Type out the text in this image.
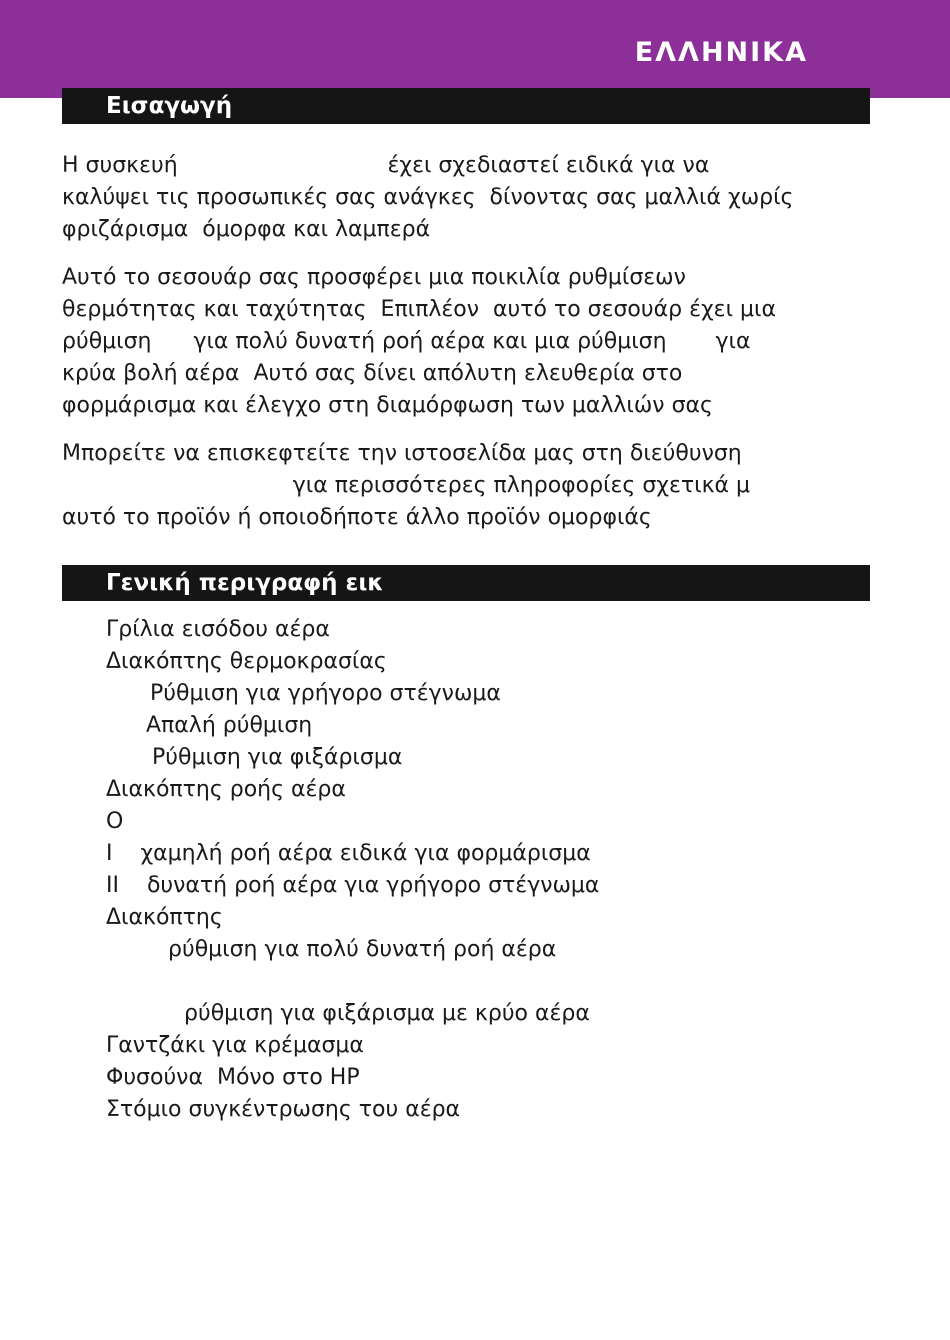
ΕΛΛΗΝΙΚΑ
Εισαγωγή

Η συσκευή                              έχει σχεδιαστεί ειδικά για να
καλύψει τις προσωπικές σας ανάγκες  δίνοντας σας μαλλιά χωρίς
φριζάρισμα  όμορφα και λαμπερά

Αυτό το σεσουάρ σας προσφέρει μια ποικιλία ρυθμίσεων
θερμότητας και ταχύτητας  Επιπλέον  αυτό το σεσουάρ έχει μια
ρύθμιση      για πολύ δυνατή ροή αέρα και μια ρύθμιση       για
κρύα βολή αέρα  Αυτό σας δίνει απόλυτη ελευθερία στο
φορμάρισμα και έλεγχο στη διαμόρφωση των μαλλιών σας

Μπορείτε να επισκεφτείτε την ιστοσελίδα μας στη διεύθυνση
για περισσότερες πληροφορίες σχετικά μ
αυτό το προϊόν ή οποιοδήποτε άλλο προϊόν ομορφιάς

Γενική περιγραφή εικ
Γρίλια εισόδου αέρα
Διακόπτης θερμοκρασίας
Ρύθμιση για γρήγορο στέγνωμα
Απαλή ρύθμιση
Ρύθμιση για φιξάρισμα
Διακόπτης ροής αέρα
O
I    χαμηλή ροή αέρα ειδικά για φορμάρισμα
II    δυνατή ροή αέρα για γρήγορο στέγνωμα
Διακόπτης
ρύθμιση για πολύ δυνατή ροή αέρα
ρύθμιση για φιξάρισμα με κρύο αέρα
Γαντζάκι για κρέμασμα
Φυσούνα  Μόνο στο HP
Στόμιο συγκέντρωσης του αέρα
